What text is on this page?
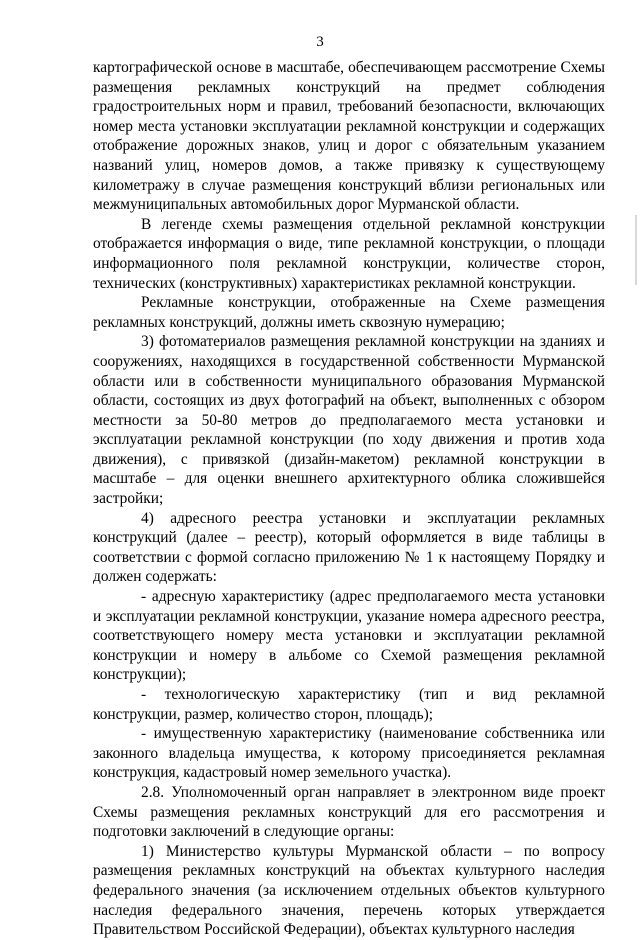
3

картографической основе в масштабе, обеспечивающем рассмотрение Схемы размещения рекламных конструкций на предмет соблюдения градостроительных норм и правил, требований безопасности, включающих номер места установки эксплуатации рекламной конструкции и содержащих отображение дорожных знаков, улиц и дорог с обязательным указанием названий улиц, номеров домов, а также привязку к существующему километражу в случае размещения конструкций вблизи региональных или межмуниципальных автомобильных дорог Мурманской области.

В легенде схемы размещения отдельной рекламной конструкции отображается информация о виде, типе рекламной конструкции, о площади информационного поля рекламной конструкции, количестве сторон, технических (конструктивных) характеристиках рекламной конструкции.

Рекламные конструкции, отображенные на Схеме размещения рекламных конструкций, должны иметь сквозную нумерацию;

3) фотоматериалов размещения рекламной конструкции на зданиях и сооружениях, находящихся в государственной собственности Мурманской области или в собственности муниципального образования Мурманской области, состоящих из двух фотографий на объект, выполненных с обзором местности за 50-80 метров до предполагаемого места установки и эксплуатации рекламной конструкции (по ходу движения и против хода движения), с привязкой (дизайн-макетом) рекламной конструкции в масштабе – для оценки внешнего архитектурного облика сложившейся застройки;

4) адресного реестра установки и эксплуатации рекламных конструкций (далее – реестр), который оформляется в виде таблицы в соответствии с формой согласно приложению № 1 к настоящему Порядку и должен содержать:

- адресную характеристику (адрес предполагаемого места установки и эксплуатации рекламной конструкции, указание номера адресного реестра, соответствующего номеру места установки и эксплуатации рекламной конструкции и номеру в альбоме со Схемой размещения рекламной конструкции);

- технологическую характеристику (тип и вид рекламной конструкции, размер, количество сторон, площадь);

- имущественную характеристику (наименование собственника или законного владельца имущества, к которому присоединяется рекламная конструкция, кадастровый номер земельного участка).

2.8. Уполномоченный орган направляет в электронном виде проект Схемы размещения рекламных конструкций для его рассмотрения и подготовки заключений в следующие органы:

1) Министерство культуры Мурманской области – по вопросу размещения рекламных конструкций на объектах культурного наследия федерального значения (за исключением отдельных объектов культурного наследия федерального значения, перечень которых утверждается Правительством Российской Федерации), объектах культурного наследия
